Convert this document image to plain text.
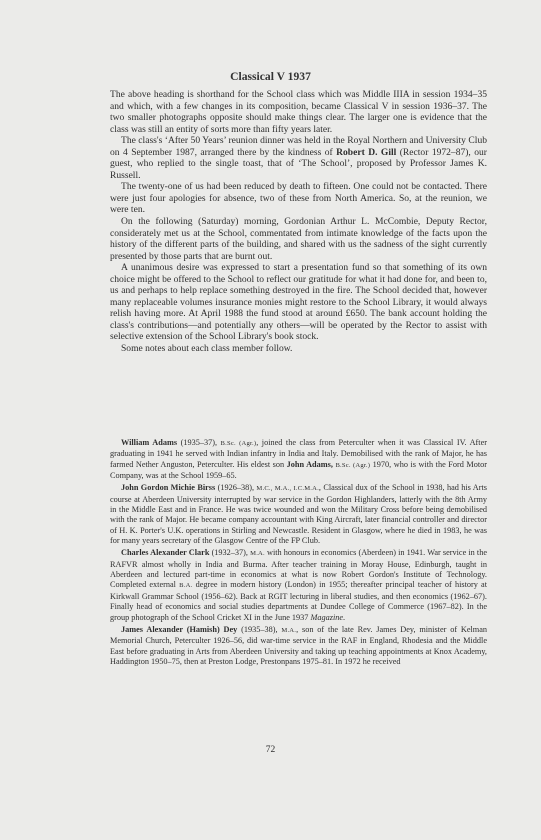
Classical V 1937

The above heading is shorthand for the School class which was Middle IIIA in session 1934–35 and which, with a few changes in its composition, became Classical V in session 1936–37. The two smaller photographs opposite should make things clear. The larger one is evidence that the class was still an entity of sorts more than fifty years later.

The class's ‘After 50 Years’ reunion dinner was held in the Royal Northern and University Club on 4 September 1987, arranged there by the kindness of Robert D. Gill (Rector 1972–87), our guest, who replied to the single toast, that of ‘The School’, proposed by Professor James K. Russell.

The twenty-one of us had been reduced by death to fifteen. One could not be contacted. There were just four apologies for absence, two of these from North America. So, at the reunion, we were ten.

On the following (Saturday) morning, Gordonian Arthur L. McCombie, Deputy Rector, considerately met us at the School, commentated from intimate knowledge of the facts upon the history of the different parts of the building, and shared with us the sadness of the sight currently presented by those parts that are burnt out.

A unanimous desire was expressed to start a presentation fund so that something of its own choice might be offered to the School to reflect our gratitude for what it had done for, and been to, us and perhaps to help replace something destroyed in the fire. The School decided that, however many replaceable volumes insurance monies might restore to the School Library, it would always relish having more. At April 1988 the fund stood at around £650. The bank account holding the class's contributions—and potentially any others—will be operated by the Rector to assist with selective extension of the School Library's book stock.

Some notes about each class member follow.

William Adams (1935–37), B.Sc. (Agr.), joined the class from Peterculter when it was Classical IV. After graduating in 1941 he served with Indian infantry in India and Italy. Demobilised with the rank of Major, he has farmed Nether Anguston, Peterculter. His eldest son John Adams, B.Sc. (Agr.) 1970, who is with the Ford Motor Company, was at the School 1959–65.

John Gordon Michie Birss (1926–38), M.C., M.A., I.C.M.A., Classical dux of the School in 1938, had his Arts course at Aberdeen University interrupted by war service in the Gordon Highlanders, latterly with the 8th Army in the Middle East and in France. He was twice wounded and won the Military Cross before being demobilised with the rank of Major. He became company accountant with King Aircraft, later financial controller and director of H. K. Porter's U.K. operations in Stirling and Newcastle. Resident in Glasgow, where he died in 1983, he was for many years secretary of the Glasgow Centre of the FP Club.

Charles Alexander Clark (1932–37), M.A. with honours in economics (Aberdeen) in 1941. War service in the RAFVR almost wholly in India and Burma. After teacher training in Moray House, Edinburgh, taught in Aberdeen and lectured part-time in economics at what is now Robert Gordon's Institute of Technology. Completed external B.A. degree in modern history (London) in 1955; thereafter principal teacher of history at Kirkwall Grammar School (1956–62). Back at RGIT lecturing in liberal studies, and then economics (1962–67). Finally head of economics and social studies departments at Dundee College of Commerce (1967–82). In the group photograph of the School Cricket XI in the June 1937 Magazine.

James Alexander (Hamish) Dey (1935–38), M.A., son of the late Rev. James Dey, minister of Kelman Memorial Church, Peterculter 1926–56, did war-time service in the RAF in England, Rhodesia and the Middle East before graduating in Arts from Aberdeen University and taking up teaching appointments at Knox Academy, Haddington 1950–75, then at Preston Lodge, Prestonpans 1975–81. In 1972 he received

72
